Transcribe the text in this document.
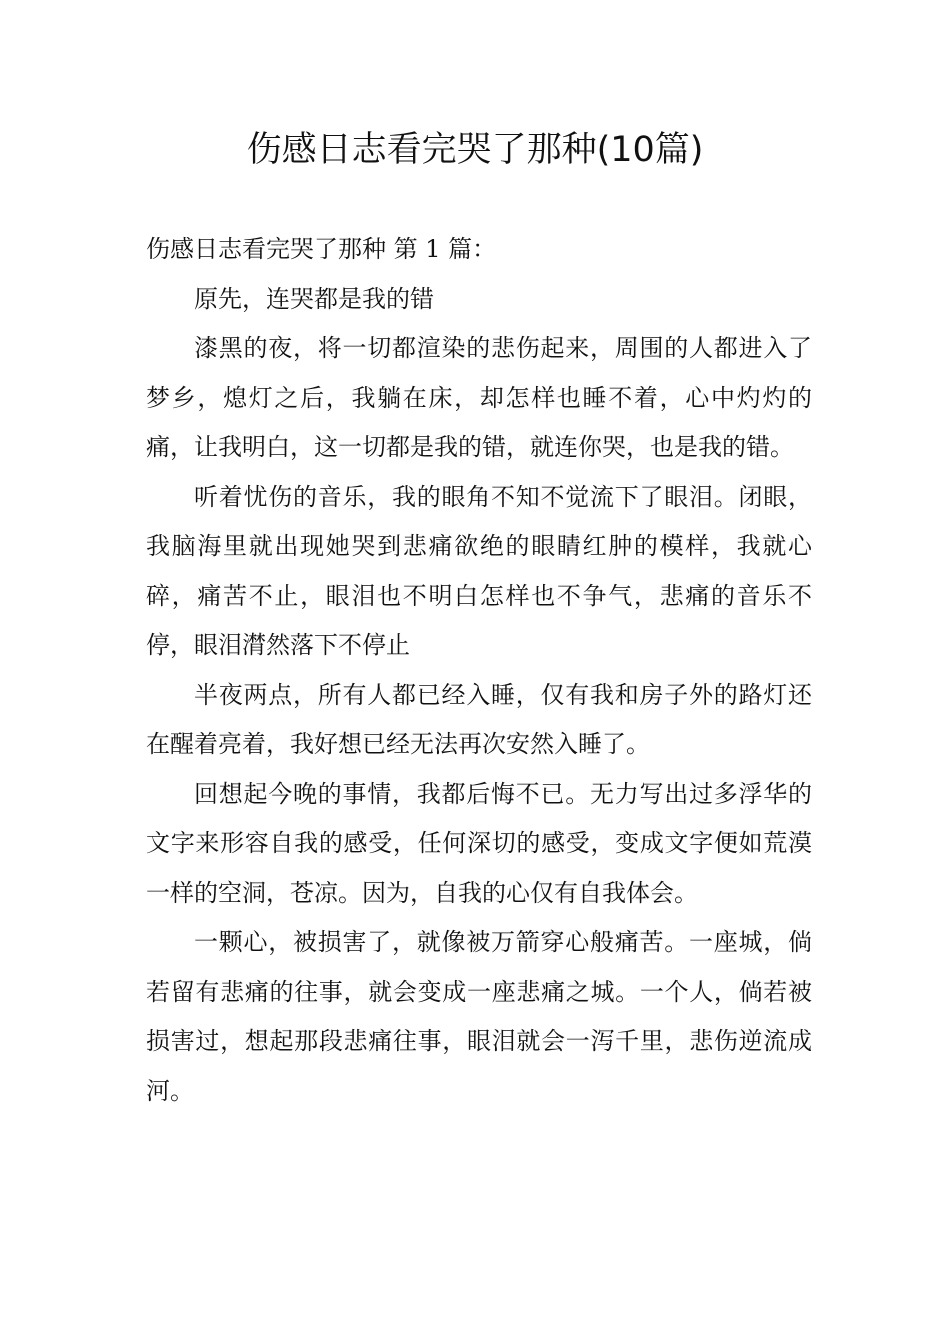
伤感日志看完哭了那种(10篇)
伤感日志看完哭了那种 第 1 篇：

原先，连哭都是我的错

漆黑的夜，将一切都渲染的悲伤起来，周围的人都进入了梦乡，熄灯之后，我躺在床，却怎样也睡不着，心中灼灼的痛，让我明白，这一切都是我的错，就连你哭，也是我的错。

听着忧伤的音乐，我的眼角不知不觉流下了眼泪。闭眼，我脑海里就出现她哭到悲痛欲绝的眼睛红肿的模样，我就心碎，痛苦不止，眼泪也不明白怎样也不争气，悲痛的音乐不停，眼泪潸然落下不停止

半夜两点，所有人都已经入睡，仅有我和房子外的路灯还在醒着亮着，我好想已经无法再次安然入睡了。

回想起今晚的事情，我都后悔不已。无力写出过多浮华的文字来形容自我的感受，任何深切的感受，变成文字便如荒漠一样的空洞，苍凉。因为，自我的心仅有自我体会。

一颗心，被损害了，就像被万箭穿心般痛苦。一座城，倘若留有悲痛的往事，就会变成一座悲痛之城。一个人，倘若被损害过，想起那段悲痛往事，眼泪就会一泻千里，悲伤逆流成河。
